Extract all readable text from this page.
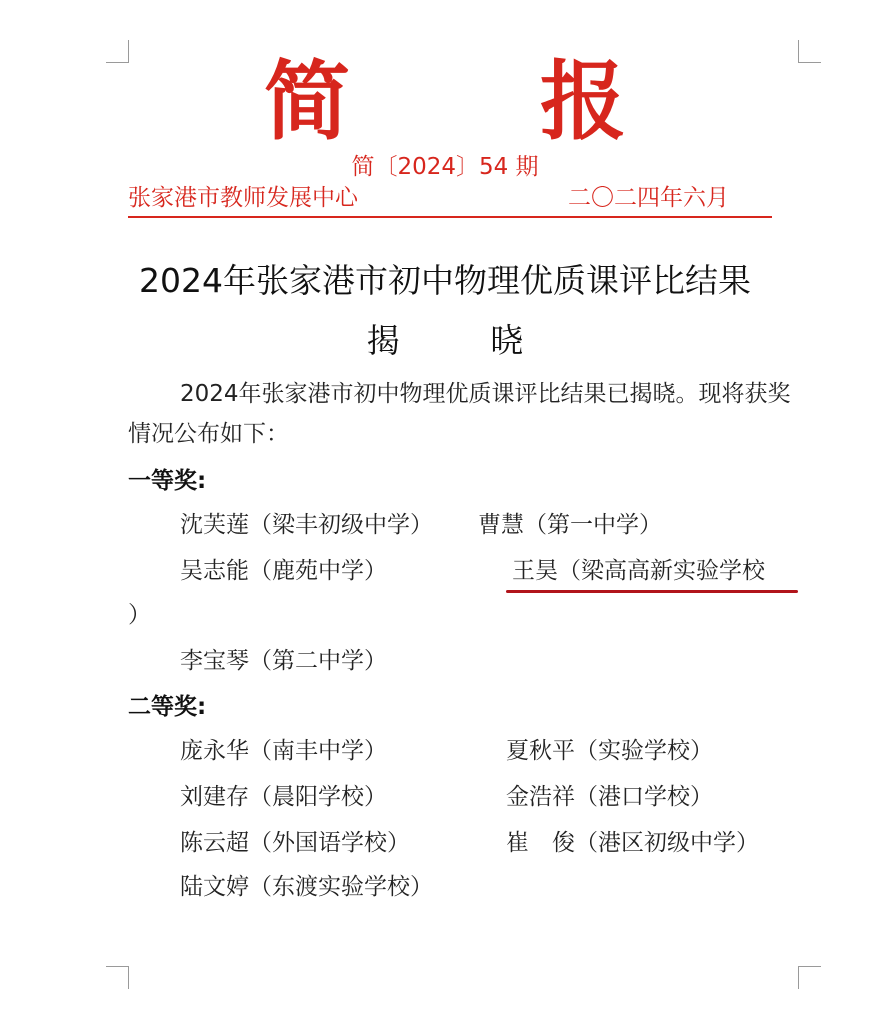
简 报
简〔2024〕54 期
张家港市教师发展中心	二〇二四年六月
2024年张家港市初中物理优质课评比结果
揭 晓
2024年张家港市初中物理优质课评比结果已揭晓。现将获奖情况公布如下：
一等奖:
沈芙莲（梁丰初级中学） 曹慧（第一中学）
吴志能（鹿苑中学）	王昊（梁高高新实验学校
）
李宝琴（第二中学）
二等奖:
庞永华（南丰中学）	夏秋平（实验学校）
刘建存（晨阳学校）	金浩祥（港口学校）
陈云超（外国语学校）	崔　俊（港区初级中学）
陆文婷（东渡实验学校）
